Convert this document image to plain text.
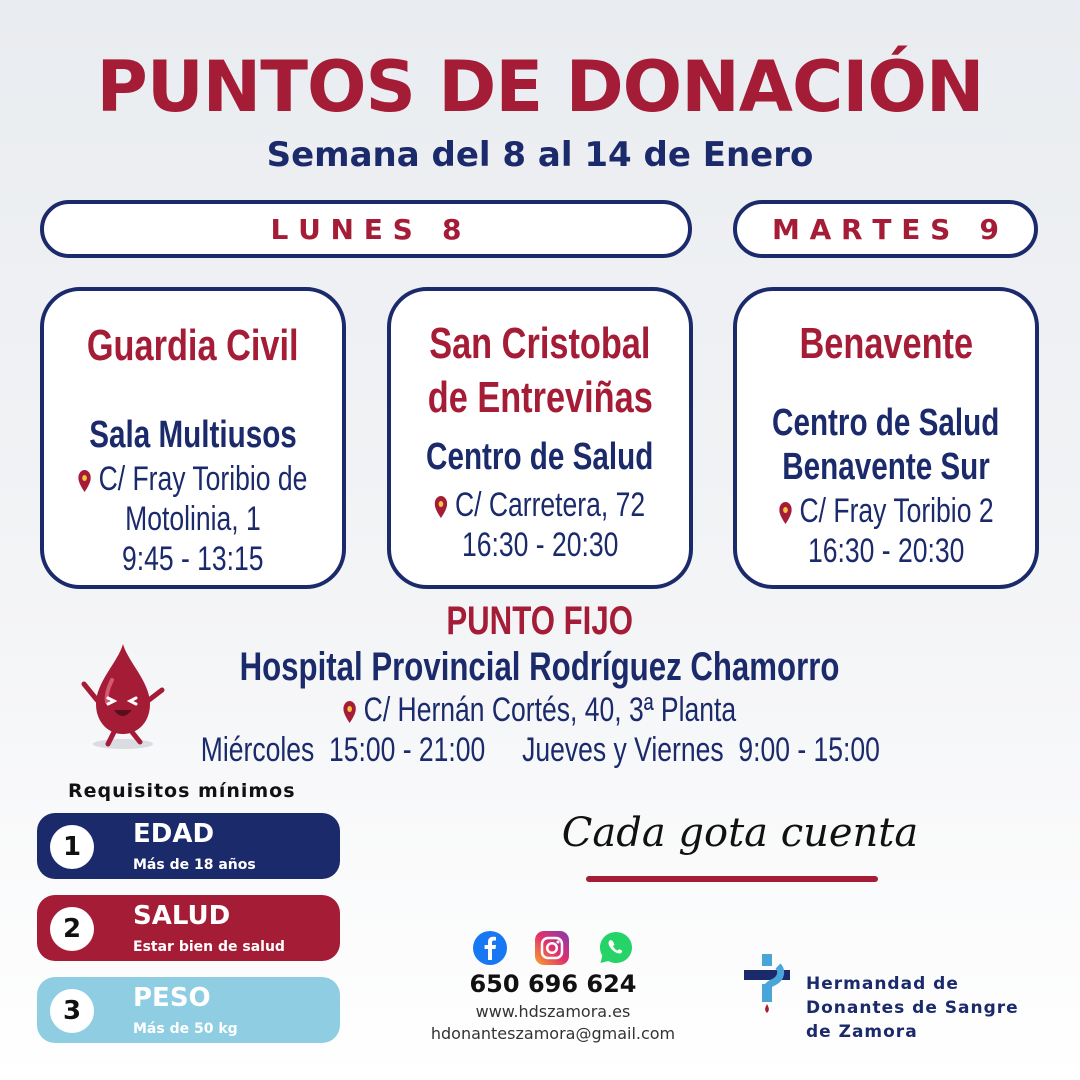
PUNTOS DE DONACIÓN
Semana del 8 al 14 de Enero
L U N E S   8	M A R T E S   9
Guardia Civil
Sala Multiusos
C/ Fray Toribio de
Motolinia, 1
9:45 - 13:15
San Cristobal
de Entreviñas
Centro de Salud
C/ Carretera, 72
16:30 - 20:30
Benavente
Centro de Salud
Benavente Sur
C/ Fray Toribio 2
16:30 - 20:30
PUNTO FIJO
Hospital Provincial Rodríguez Chamorro
C/ Hernán Cortés, 40, 3ª Planta
Miércoles  15:00 - 21:00 Jueves y Viernes  9:00 - 15:00
Requisitos mínimos
1	EDAD
Más de 18 años
2	SALUD
Estar bien de salud
3	PESO
Más de 50 kg
Cada gota cuenta
650 696 624
www.hdszamora.es
hdonanteszamora@gmail.com
Hermandad de
Donantes de Sangre
de Zamora
